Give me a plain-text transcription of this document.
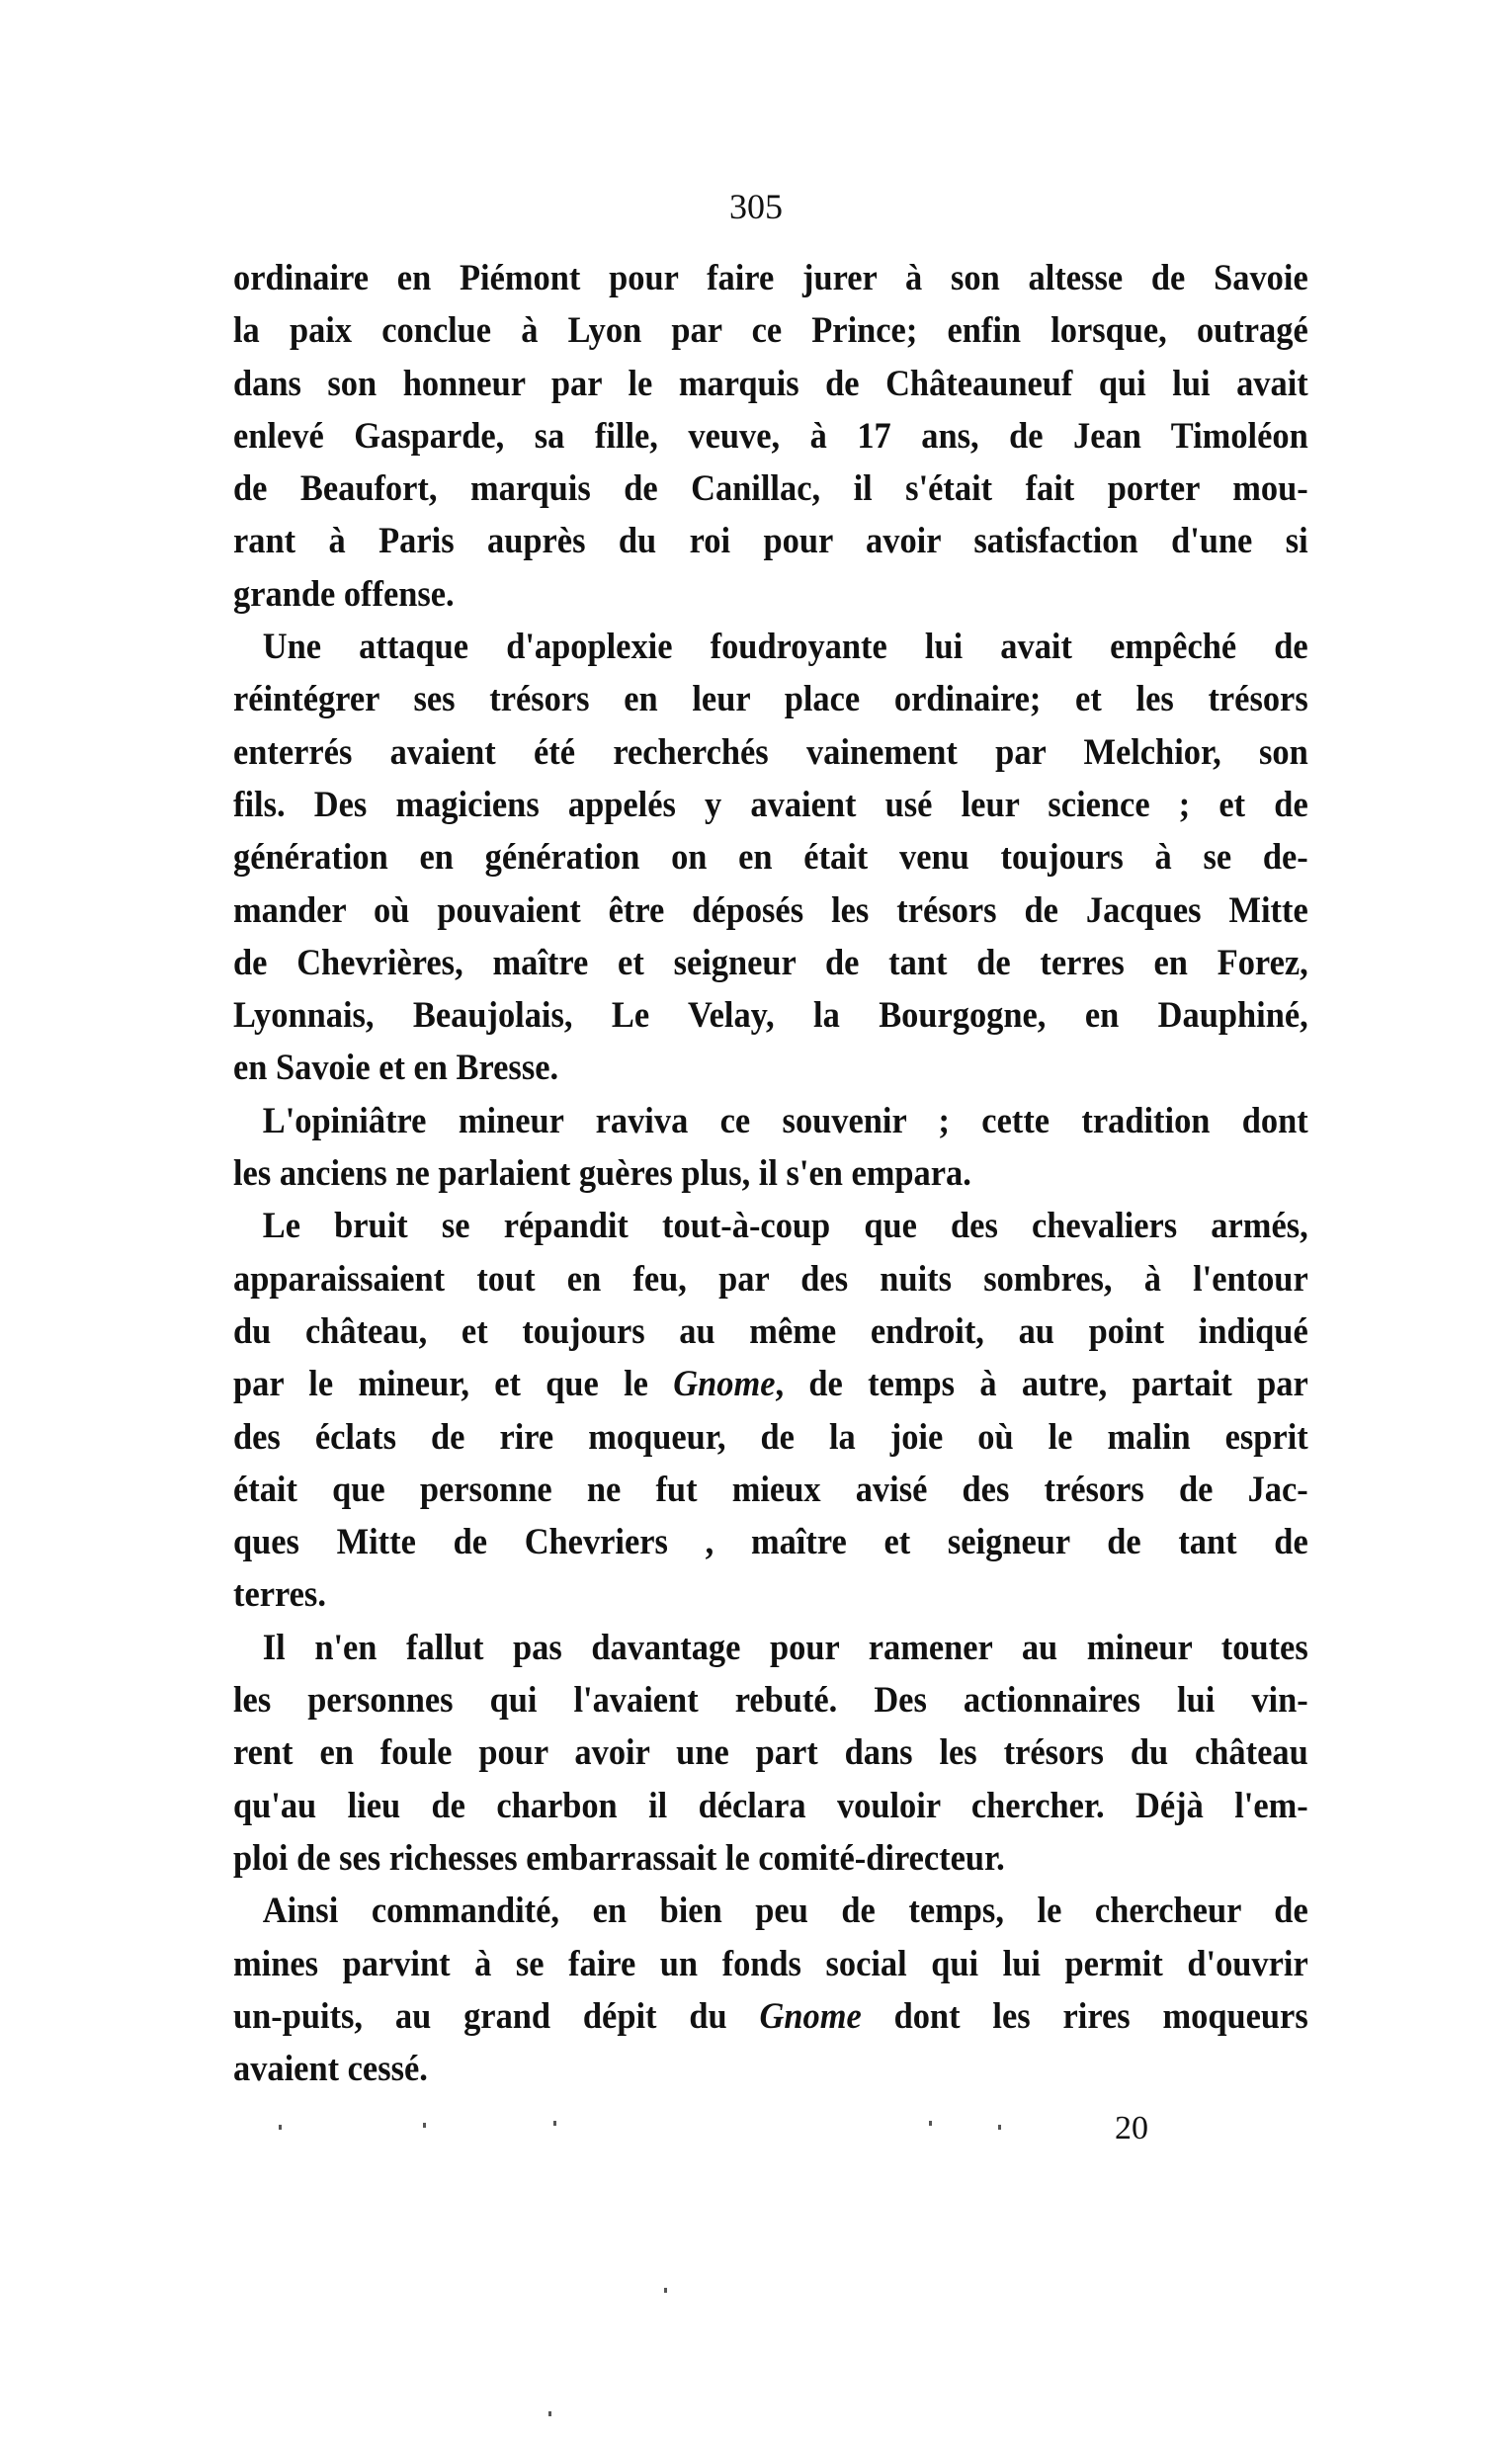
305
ordinaire en Piémont pour faire jurer à son altesse de Savoie
la paix conclue à Lyon par ce Prince; enfin lorsque, outragé
dans son honneur par le marquis de Châteauneuf qui lui avait
enlevé Gasparde, sa fille, veuve, à 17 ans, de Jean Timoléon
de Beaufort, marquis de Canillac, il s'était fait porter mou-
rant à Paris auprès du roi pour avoir satisfaction d'une si
grande offense.
Une attaque d'apoplexie foudroyante lui avait empêché de
réintégrer ses trésors en leur place ordinaire; et les trésors
enterrés avaient été recherchés vainement par Melchior, son
fils. Des magiciens appelés y avaient usé leur science ; et de
génération en génération on en était venu toujours à se de-
mander où pouvaient être déposés les trésors de Jacques Mitte
de Chevrières, maître et seigneur de tant de terres en Forez,
Lyonnais, Beaujolais, Le Velay, la Bourgogne, en Dauphiné,
en Savoie et en Bresse.
L'opiniâtre mineur raviva ce souvenir ; cette tradition dont
les anciens ne parlaient guères plus, il s'en empara.
Le bruit se répandit tout-à-coup que des chevaliers armés,
apparaissaient tout en feu, par des nuits sombres, à l'entour
du château, et toujours au même endroit, au point indiqué
par le mineur, et que le Gnome, de temps à autre, partait par
des éclats de rire moqueur, de la joie où le malin esprit
était que personne ne fut mieux avisé des trésors de Jac-
ques Mitte de Chevriers , maître et seigneur de tant de
terres.
Il n'en fallut pas davantage pour ramener au mineur toutes
les personnes qui l'avaient rebuté. Des actionnaires lui vin-
rent en foule pour avoir une part dans les trésors du château
qu'au lieu de charbon il déclara vouloir chercher. Déjà l'em-
ploi de ses richesses embarrassait le comité-directeur.
Ainsi commandité, en bien peu de temps, le chercheur de
mines parvint à se faire un fonds social qui lui permit d'ouvrir
un-puits, au grand dépit du Gnome dont les rires moqueurs
avaient cessé.
20
